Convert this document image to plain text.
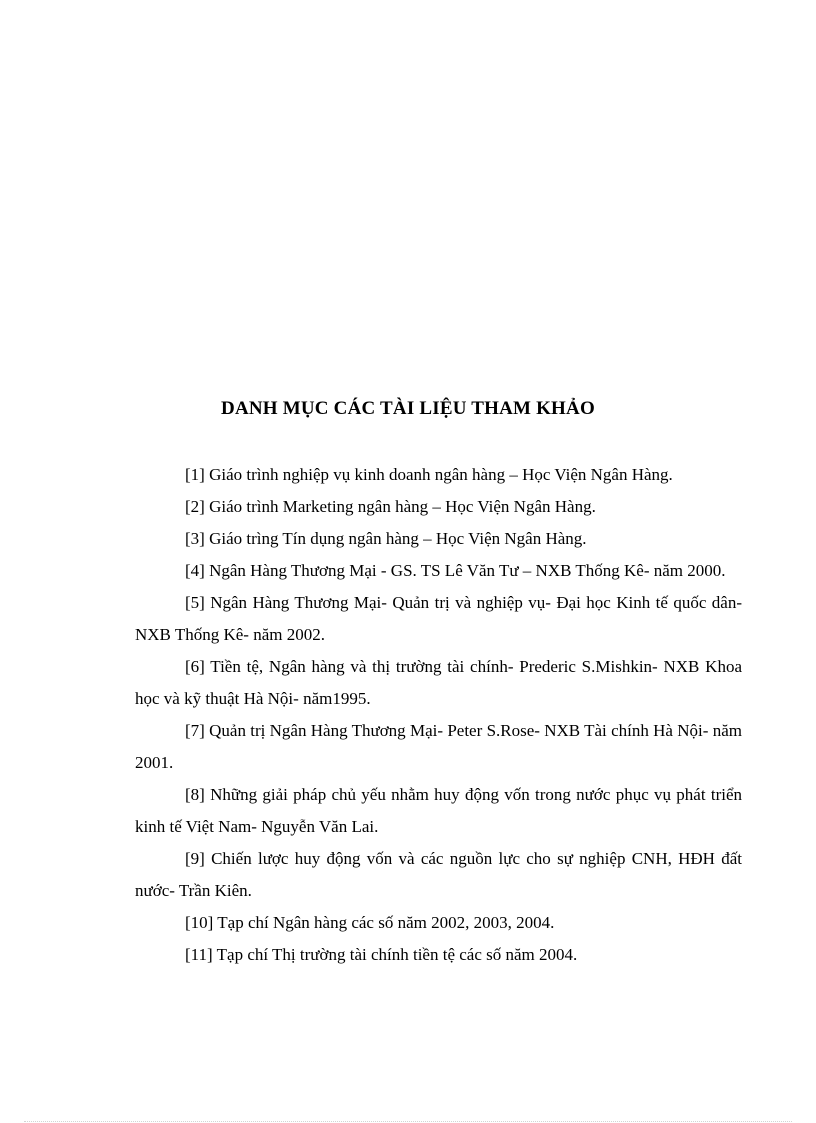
DANH MỤC CÁC TÀI LIỆU THAM KHẢO

[1] Giáo trình nghiệp vụ kinh doanh ngân hàng – Học Viện Ngân Hàng.

[2] Giáo trình Marketing ngân hàng – Học Viện Ngân Hàng.

[3] Giáo trìng Tín dụng ngân hàng – Học Viện Ngân Hàng.

[4] Ngân Hàng Thương Mại - GS. TS Lê Văn Tư – NXB Thống Kê- năm 2000.

[5] Ngân Hàng Thương Mại- Quản trị và nghiệp vụ- Đại học Kinh tế quốc dân- NXB Thống Kê- năm 2002.

[6] Tiền tệ, Ngân hàng và thị trường tài chính- Prederic S.Mishkin- NXB Khoa học và kỹ thuật Hà Nội- năm1995.

[7] Quản trị Ngân Hàng Thương Mại- Peter S.Rose- NXB Tài chính Hà Nội- năm 2001.

[8] Những giải pháp chủ yếu nhằm huy động vốn trong nước phục vụ phát triển kinh tế Việt Nam- Nguyễn Văn Lai.

[9] Chiến lược huy động vốn và các nguồn lực cho sự nghiệp CNH, HĐH đất nước- Trần Kiên.

[10] Tạp chí Ngân hàng các số năm 2002, 2003, 2004.

[11] Tạp chí Thị trường tài chính tiền tệ các số năm 2004.
